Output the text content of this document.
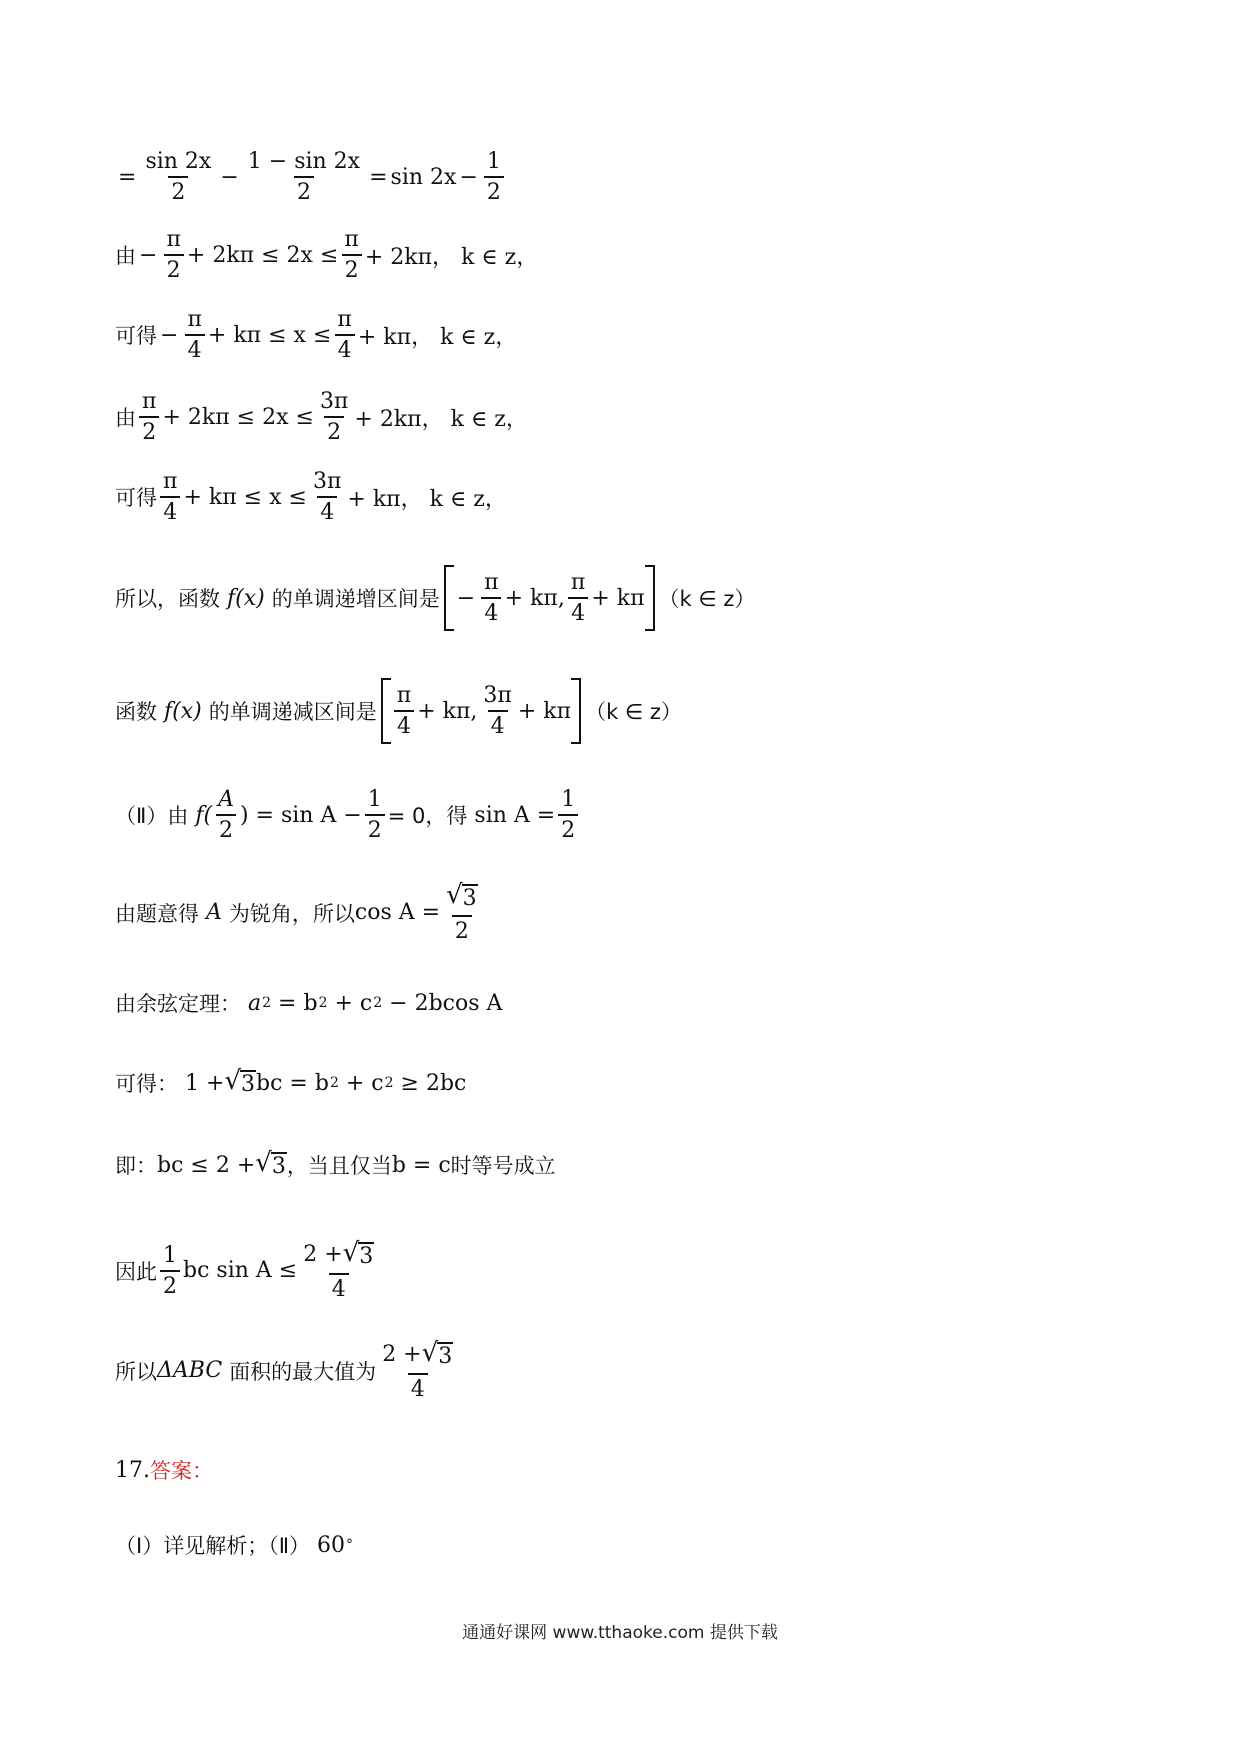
= $\frac{\sin 2x}{2} - \frac{1 - \sin 2x}{2} = \sin 2x - \frac{1}{2}$
由 − $\frac{\pi}{2} + 2k\pi \le 2x \le \frac{\pi}{2} + 2k\pi$，
k ∈ z，
可得 − $\frac{\pi}{4} + k\pi \le x \le \frac{\pi}{4} + k\pi$，
k ∈ z，
由 $\frac{\pi}{2} + 2k\pi \le 2x \le \frac{3\pi}{2} + 2k\pi$，
k ∈ z，
可得 $\frac{\pi}{4} + k\pi \le x \le \frac{3\pi}{4} + k\pi$，
k ∈ z，
所以，函数
f(x)
的单调递增区间是 − $\frac{\pi}{4} + k\pi$ , $\frac{\pi}{4} + k\pi$ （k ∈ z）
函数
f(x)
的单调递减区间是 $\frac{\pi}{4} + k\pi$ , $\frac{3\pi}{4} + k\pi$ （k ∈ z）
（Ⅱ）由
$f( \frac{A}{2}$ ) = $\sin A - \frac{1}{2} = 0$，得
$\sin A = \frac{1}{2}$
由题意得
A
为锐角，所以 $\cos A = \frac{√ 3}{2}$
由余弦定理：
a 2
= b 2
+ c 2
− 2bcos A
可得：
1 + √ 3 bc = b 2
+ c 2
≥ 2bc
即： bc ≤ 2 + √ 3 ，当且仅当 b = c 时等号成立
因此 $\frac{1}{2}$ bc $\sin A \le \frac{2 + √ 3}{4}$
所以 ΔABC
面积的最大值为 $\frac{2 + √ 3}{4}$
17. 答案：
（Ⅰ）详见解析；（Ⅱ）
60 °
通通好课网 www.tthaoke.com 提供下载
